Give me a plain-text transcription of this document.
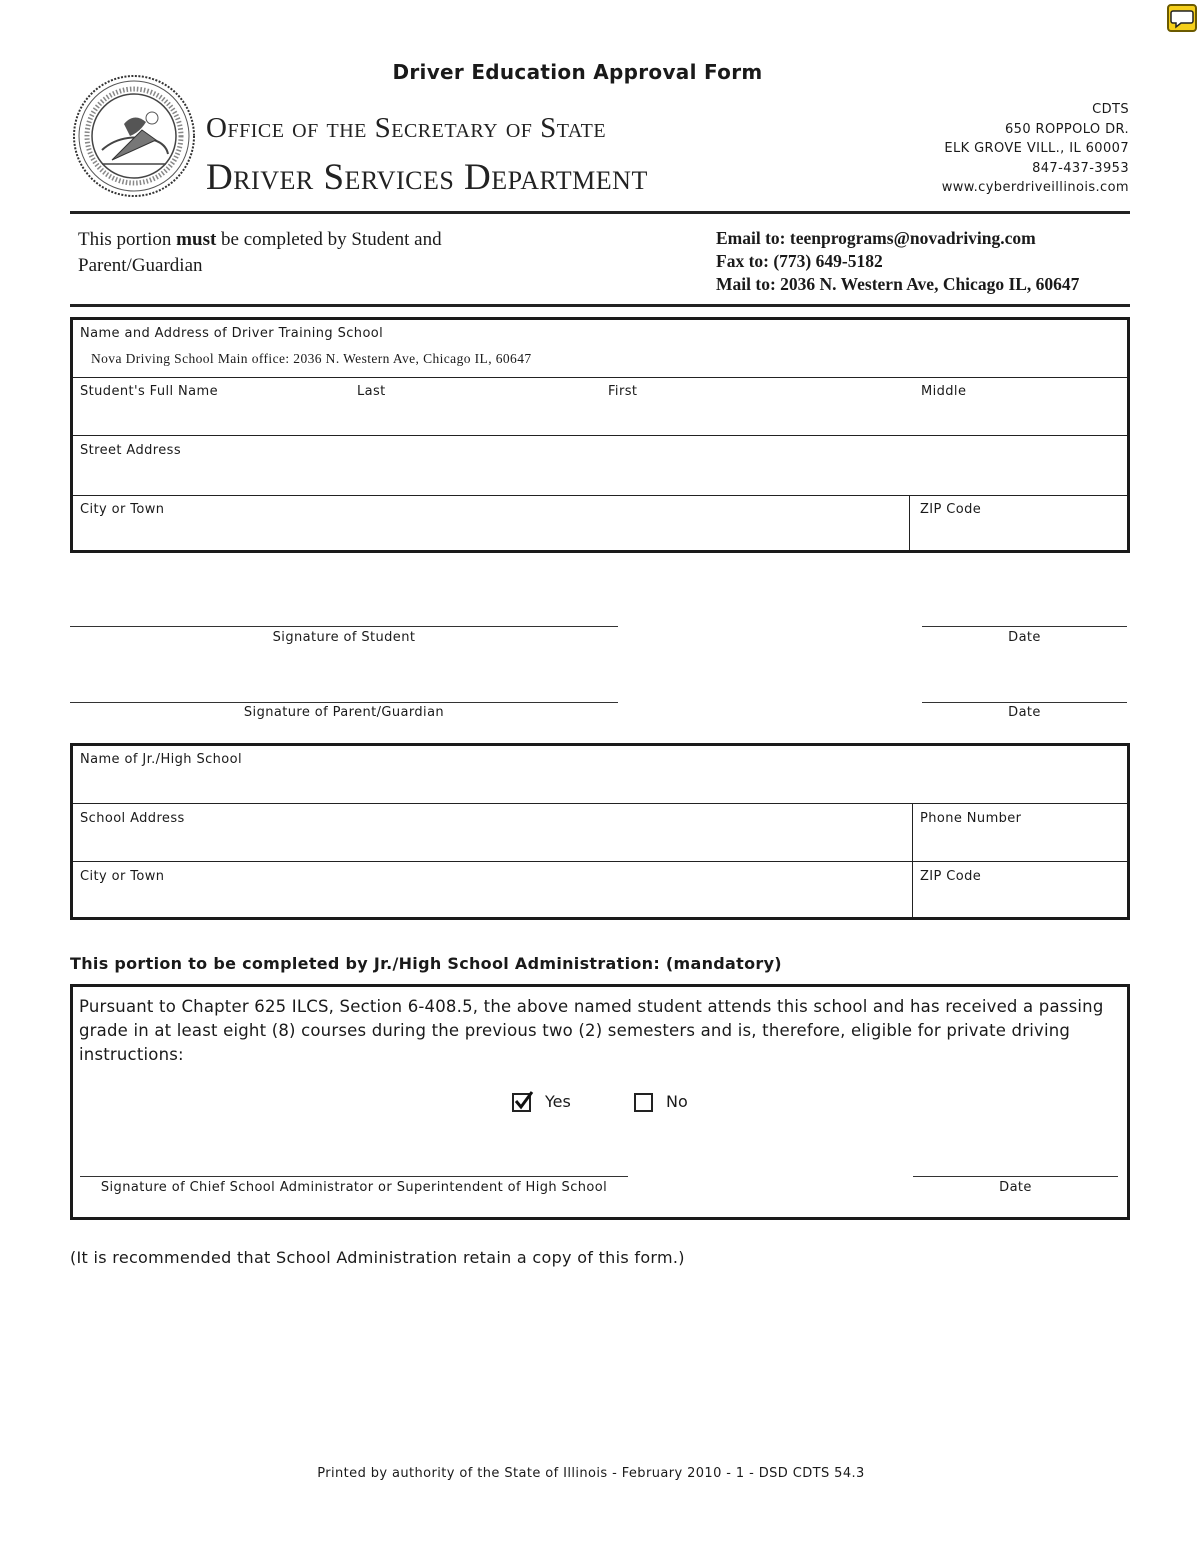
Driver Education Approval Form
Office of the Secretary of State
Driver Services Department
CDTS
650 ROPPOLO DR.
ELK GROVE VILL., IL 60007
847-437-3953
www.cyberdriveillinois.com
This portion must be completed by Student and Parent/Guardian
Email to: teenprograms@novadriving.com
Fax to: (773) 649-5182
Mail to: 2036 N. Western Ave, Chicago IL, 60647
Name and Address of Driver Training School
Nova Driving School Main office: 2036 N. Western Ave, Chicago IL, 60647
Student's Full Name	Last	First	Middle
Street Address
City or Town	ZIP Code
Signature of Student	Date
Signature of Parent/Guardian	Date
Name of Jr./High School
School Address	Phone Number
City or Town	ZIP Code
This portion to be completed by Jr./High School Administration: (mandatory)
Pursuant to Chapter 625 ILCS, Section 6-408.5, the above named student attends this school and has received a passing grade in at least eight (8) courses during the previous two (2) semesters and is, therefore, eligible for private driving instructions:
Yes	No
Signature of Chief School Administrator or Superintendent of High School	Date
(It is recommended that School Administration retain a copy of this form.)
Printed by authority of the State of Illinois - February 2010 - 1 - DSD CDTS 54.3
